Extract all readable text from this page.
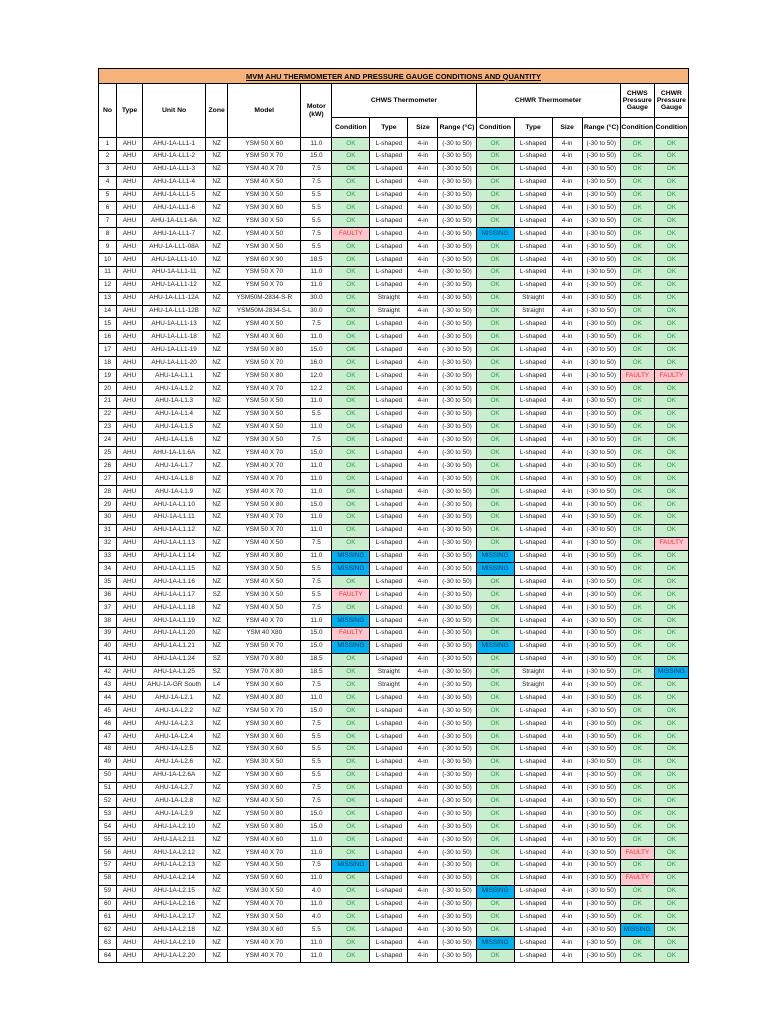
MVM AHU THERMOMETER AND PRESSURE GAUGE CONDITIONS AND QUANTITY
No	Type	Unit No	Zone	Model	Motor (kW)	CHWS Thermometer				CHWR Thermometer				CHWS Pressure Gauge	CHWR Pressure Gauge
						Condition	Type	Size	Range (°C)	Condition	Type	Size	Range (°C)	Condition	Condition
1	AHU	AHU-1A-LL1-1	NZ	YSM 50 X 60	11.0	OK	L-shaped	4-in	(-30 to 50)	OK	L-shaped	4-in	(-30 to 50)	OK	OK
2	AHU	AHU-1A-LL1-2	NZ	YSM 50 X 70	15.0	OK	L-shaped	4-in	(-30 to 50)	OK	L-shaped	4-in	(-30 to 50)	OK	OK
3	AHU	AHU-1A-LL1-3	NZ	YSM 40 X 70	7.5	OK	L-shaped	4-in	(-30 to 50)	OK	L-shaped	4-in	(-30 to 50)	OK	OK
4	AHU	AHU-1A-LL1-4	NZ	YSM 40 X 50	7.5	OK	L-shaped	4-in	(-30 to 50)	OK	L-shaped	4-in	(-30 to 50)	OK	OK
5	AHU	AHU-1A-LL1-5	NZ	YSM 30 X 50	5.5	OK	L-shaped	4-in	(-30 to 50)	OK	L-shaped	4-in	(-30 to 50)	OK	OK
6	AHU	AHU-1A-LL1-6	NZ	YSM 30 X 60	5.5	OK	L-shaped	4-in	(-30 to 50)	OK	L-shaped	4-in	(-30 to 50)	OK	OK
7	AHU	AHU-1A-LL1-6A	NZ	YSM 30 X 50	5.5	OK	L-shaped	4-in	(-30 to 50)	OK	L-shaped	4-in	(-30 to 50)	OK	OK
8	AHU	AHU-1A-LL1-7	NZ	YSM 40 X 50	7.5	FAULTY	L-shaped	4-in	(-30 to 50)	MISSING	L-shaped	4-in	(-30 to 50)	OK	OK
9	AHU	AHU-1A-LL1-08A	NZ	YSM 30 X 50	5.5	OK	L-shaped	4-in	(-30 to 50)	OK	L-shaped	4-in	(-30 to 50)	OK	OK
10	AHU	AHU-1A-LL1-10	NZ	YSM 60 X 90	18.5	OK	L-shaped	4-in	(-30 to 50)	OK	L-shaped	4-in	(-30 to 50)	OK	OK
11	AHU	AHU-1A-LL1-11	NZ	YSM 50 X 70	11.0	OK	L-shaped	4-in	(-30 to 50)	OK	L-shaped	4-in	(-30 to 50)	OK	OK
12	AHU	AHU-1A-LL1-12	NZ	YSM 50 X 70	11.0	OK	L-shaped	4-in	(-30 to 50)	OK	L-shaped	4-in	(-30 to 50)	OK	OK
13	AHU	AHU-1A-LL1-12A	NZ	YSM50M-2834-S-R	30.0	OK	Straight	4-in	(-30 to 50)	OK	Straight	4-in	(-30 to 50)	OK	OK
14	AHU	AHU-1A-LL1-12B	NZ	YSM50M-2834-S-L	30.0	OK	Straight	4-in	(-30 to 50)	OK	Straight	4-in	(-30 to 50)	OK	OK
15	AHU	AHU-1A-LL1-13	NZ	YSM 40 X 50	7.5	OK	L-shaped	4-in	(-30 to 50)	OK	L-shaped	4-in	(-30 to 50)	OK	OK
16	AHU	AHU-1A-LL1-18	NZ	YSM 40 X 60	11.0	OK	L-shaped	4-in	(-30 to 50)	OK	L-shaped	4-in	(-30 to 50)	OK	OK
17	AHU	AHU-1A-LL1-19	NZ	YSM 50 X 80	15.0	OK	L-shaped	4-in	(-30 to 50)	OK	L-shaped	4-in	(-30 to 50)	OK	OK
18	AHU	AHU-1A-LL1-20	NZ	YSM 50 X 70	16.0	OK	L-shaped	4-in	(-30 to 50)	OK	L-shaped	4-in	(-30 to 50)	OK	OK
19	AHU	AHU-1A-L1.1	NZ	YSM 50 X 80	12.0	OK	L-shaped	4-in	(-30 to 50)	OK	L-shaped	4-in	(-30 to 50)	FAULTY	FAULTY
20	AHU	AHU-1A-L1.2	NZ	YSM 40 X 70	12.2	OK	L-shaped	4-in	(-30 to 50)	OK	L-shaped	4-in	(-30 to 50)	OK	OK
21	AHU	AHU-1A-L1.3	NZ	YSM 50 X 50	11.0	OK	L-shaped	4-in	(-30 to 50)	OK	L-shaped	4-in	(-30 to 50)	OK	OK
22	AHU	AHU-1A-L1.4	NZ	YSM 30 X 50	5.5	OK	L-shaped	4-in	(-30 to 50)	OK	L-shaped	4-in	(-30 to 50)	OK	OK
23	AHU	AHU-1A-L1.5	NZ	YSM 40 X 50	11.0	OK	L-shaped	4-in	(-30 to 50)	OK	L-shaped	4-in	(-30 to 50)	OK	OK
24	AHU	AHU-1A-L1.6	NZ	YSM 30 X 50	7.5	OK	L-shaped	4-in	(-30 to 50)	OK	L-shaped	4-in	(-30 to 50)	OK	OK
25	AHU	AHU-1A-L1.6A	NZ	YSM 40 X 70	15.0	OK	L-shaped	4-in	(-30 to 50)	OK	L-shaped	4-in	(-30 to 50)	OK	OK
26	AHU	AHU-1A-L1.7	NZ	YSM 40 X 70	11.0	OK	L-shaped	4-in	(-30 to 50)	OK	L-shaped	4-in	(-30 to 50)	OK	OK
27	AHU	AHU-1A-L1.8	NZ	YSM 40 X 70	11.0	OK	L-shaped	4-in	(-30 to 50)	OK	L-shaped	4-in	(-30 to 50)	OK	OK
28	AHU	AHU-1A-L1.9	NZ	YSM 40 X 70	11.0	OK	L-shaped	4-in	(-30 to 50)	OK	L-shaped	4-in	(-30 to 50)	OK	OK
29	AHU	AHU-1A-L1.10	NZ	YSM 50 X 80	15.0	OK	L-shaped	4-in	(-30 to 50)	OK	L-shaped	4-in	(-30 to 50)	OK	OK
30	AHU	AHU-1A-L1.11	NZ	YSM 40 X 70	11.0	OK	L-shaped	4-in	(-30 to 50)	OK	L-shaped	4-in	(-30 to 50)	OK	OK
31	AHU	AHU-1A-L1.12	NZ	YSM 50 X 70	11.0	OK	L-shaped	4-in	(-30 to 50)	OK	L-shaped	4-in	(-30 to 50)	OK	OK
32	AHU	AHU-1A-L1.13	NZ	YSM 40 X 50	7.5	OK	L-shaped	4-in	(-30 to 50)	OK	L-shaped	4-in	(-30 to 50)	OK	FAULTY
33	AHU	AHU-1A-L1.14	NZ	YSM 40 X 80	11.0	MISSING	L-shaped	4-in	(-30 to 50)	MISSING	L-shaped	4-in	(-30 to 50)	OK	OK
34	AHU	AHU-1A-L1.15	NZ	YSM 30 X 50	5.5	MISSING	L-shaped	4-in	(-30 to 50)	MISSING	L-shaped	4-in	(-30 to 50)	OK	OK
35	AHU	AHU-1A-L1.16	NZ	YSM 40 X 50	7.5	OK	L-shaped	4-in	(-30 to 50)	OK	L-shaped	4-in	(-30 to 50)	OK	OK
36	AHU	AHU-1A-L1.17	SZ	YSM 30 X 50	5.5	FAULTY	L-shaped	4-in	(-30 to 50)	OK	L-shaped	4-in	(-30 to 50)	OK	OK
37	AHU	AHU-1A-L1.18	NZ	YSM 40 X 50	7.5	OK	L-shaped	4-in	(-30 to 50)	OK	L-shaped	4-in	(-30 to 50)	OK	OK
38	AHU	AHU-1A-L1.19	NZ	YSM 40 X 70	11.0	MISSING	L-shaped	4-in	(-30 to 50)	OK	L-shaped	4-in	(-30 to 50)	OK	OK
39	AHU	AHU-1A-L1.20	NZ	YSM 40 X80	15.0	FAULTY	L-shaped	4-in	(-30 to 50)	OK	L-shaped	4-in	(-30 to 50)	OK	OK
40	AHU	AHU-1A-L1.21	NZ	YSM 50 X 70	15.0	MISSING	L-shaped	4-in	(-30 to 50)	MISSING	L-shaped	4-in	(-30 to 50)	OK	OK
41	AHU	AHU-1A-L1.24	SZ	YSM 70 X 80	18.5	OK	L-shaped	4-in	(-30 to 50)	OK	L-shaped	4-in	(-30 to 50)	OK	OK
42	AHU	AHU-1A-L1.25	SZ	YSM 70 X 80	18.5	OK	Straight	4-in	(-30 to 50)	OK	Straight	4-in	(-30 to 50)	OK	MISSING
43	AHU	AHU-1A-GR South	L4	YSM 30 X 60	7.5	OK	Straight	4-in	(-30 to 50)	OK	Straight	4-in	(-30 to 50)	OK	OK
44	AHU	AHU-1A-L2.1	NZ	YSM 40 X 80	11.0	OK	L-shaped	4-in	(-30 to 50)	OK	L-shaped	4-in	(-30 to 50)	OK	OK
45	AHU	AHU-1A-L2.2	NZ	YSM 50 X 70	15.0	OK	L-shaped	4-in	(-30 to 50)	OK	L-shaped	4-in	(-30 to 50)	OK	OK
46	AHU	AHU-1A-L2.3	NZ	YSM 30 X 60	7.5	OK	L-shaped	4-in	(-30 to 50)	OK	L-shaped	4-in	(-30 to 50)	OK	OK
47	AHU	AHU-1A-L2.4	NZ	YSM 30 X 60	5.5	OK	L-shaped	4-in	(-30 to 50)	OK	L-shaped	4-in	(-30 to 50)	OK	OK
48	AHU	AHU-1A-L2.5	NZ	YSM 30 X 60	5.5	OK	L-shaped	4-in	(-30 to 50)	OK	L-shaped	4-in	(-30 to 50)	OK	OK
49	AHU	AHU-1A-L2.6	NZ	YSM 30 X 50	5.5	OK	L-shaped	4-in	(-30 to 50)	OK	L-shaped	4-in	(-30 to 50)	OK	OK
50	AHU	AHU-1A-L2.6A	NZ	YSM 30 X 60	5.5	OK	L-shaped	4-in	(-30 to 50)	OK	L-shaped	4-in	(-30 to 50)	OK	OK
51	AHU	AHU-1A-L2.7	NZ	YSM 30 X 60	7.5	OK	L-shaped	4-in	(-30 to 50)	OK	L-shaped	4-in	(-30 to 50)	OK	OK
52	AHU	AHU-1A-L2.8	NZ	YSM 40 X 50	7.5	OK	L-shaped	4-in	(-30 to 50)	OK	L-shaped	4-in	(-30 to 50)	OK	OK
53	AHU	AHU-1A-L2.9	NZ	YSM 50 X 80	15.0	OK	L-shaped	4-in	(-30 to 50)	OK	L-shaped	4-in	(-30 to 50)	OK	OK
54	AHU	AHU-1A-L2.10	NZ	YSM 50 X 80	15.0	OK	L-shaped	4-in	(-30 to 50)	OK	L-shaped	4-in	(-30 to 50)	OK	OK
55	AHU	AHU-1A-L2.11	NZ	YSM 40 X 60	11.0	OK	L-shaped	4-in	(-30 to 50)	OK	L-shaped	4-in	(-30 to 50)	OK	OK
56	AHU	AHU-1A-L2.12	NZ	YSM 40 X 70	11.0	OK	L-shaped	4-in	(-30 to 50)	OK	L-shaped	4-in	(-30 to 50)	FAULTY	OK
57	AHU	AHU-1A-L2.13	NZ	YSM 40 X 50	7.5	MISSING	L-shaped	4-in	(-30 to 50)	OK	L-shaped	4-in	(-30 to 50)	OK	OK
58	AHU	AHU-1A-L2.14	NZ	YSM 50 X 60	11.0	OK	L-shaped	4-in	(-30 to 50)	OK	L-shaped	4-in	(-30 to 50)	FAULTY	OK
59	AHU	AHU-1A-L2.15	NZ	YSM 30 X 50	4.0	OK	L-shaped	4-in	(-30 to 50)	MISSING	L-shaped	4-in	(-30 to 50)	OK	OK
60	AHU	AHU-1A-L2.16	NZ	YSM 40 X 70	11.0	OK	L-shaped	4-in	(-30 to 50)	OK	L-shaped	4-in	(-30 to 50)	OK	OK
61	AHU	AHU-1A-L2.17	NZ	YSM 30 X 50	4.0	OK	L-shaped	4-in	(-30 to 50)	OK	L-shaped	4-in	(-30 to 50)	OK	OK
62	AHU	AHU-1A-L2.18	NZ	YSM 30 X 60	5.5	OK	L-shaped	4-in	(-30 to 50)	OK	L-shaped	4-in	(-30 to 50)	MISSING	OK
63	AHU	AHU-1A-L2.19	NZ	YSM 40 X 70	11.0	OK	L-shaped	4-in	(-30 to 50)	MISSING	L-shaped	4-in	(-30 to 50)	OK	OK
64	AHU	AHU-1A-L2.20	NZ	YSM 40 X 70	11.0	OK	L-shaped	4-in	(-30 to 50)	OK	L-shaped	4-in	(-30 to 50)	OK	OK
